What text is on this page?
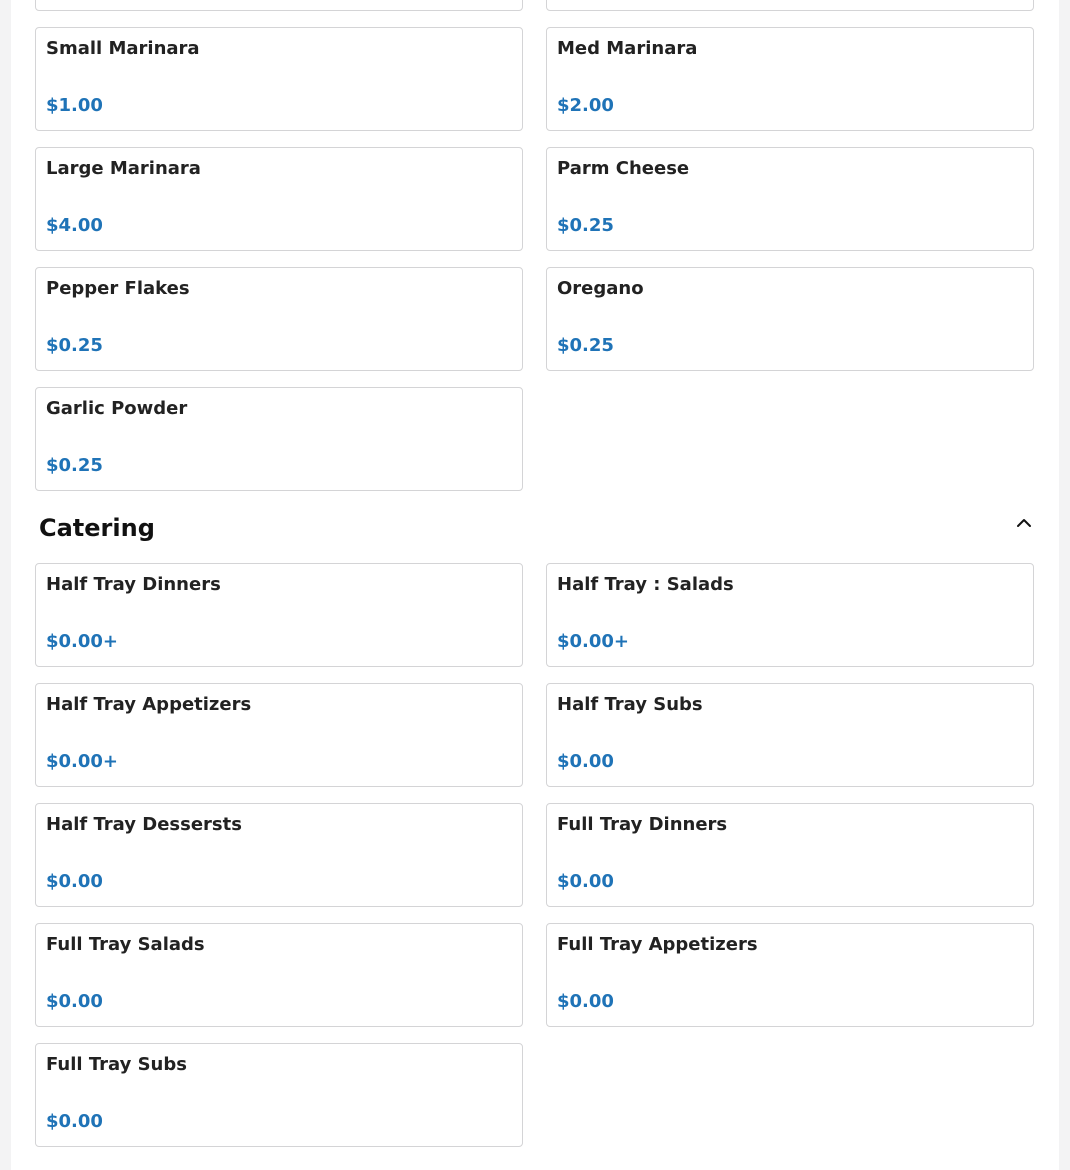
Small Marinara
$1.00
Med Marinara
$2.00
Large Marinara
$4.00
Parm Cheese
$0.25
Pepper Flakes
$0.25
Oregano
$0.25
Garlic Powder
$0.25
Catering
Half Tray Dinners
$0.00+
Half Tray : Salads
$0.00+
Half Tray Appetizers
$0.00+
Half Tray Subs
$0.00
Half Tray Dessersts
$0.00
Full Tray Dinners
$0.00
Full Tray Salads
$0.00
Full Tray Appetizers
$0.00
Full Tray Subs
$0.00
